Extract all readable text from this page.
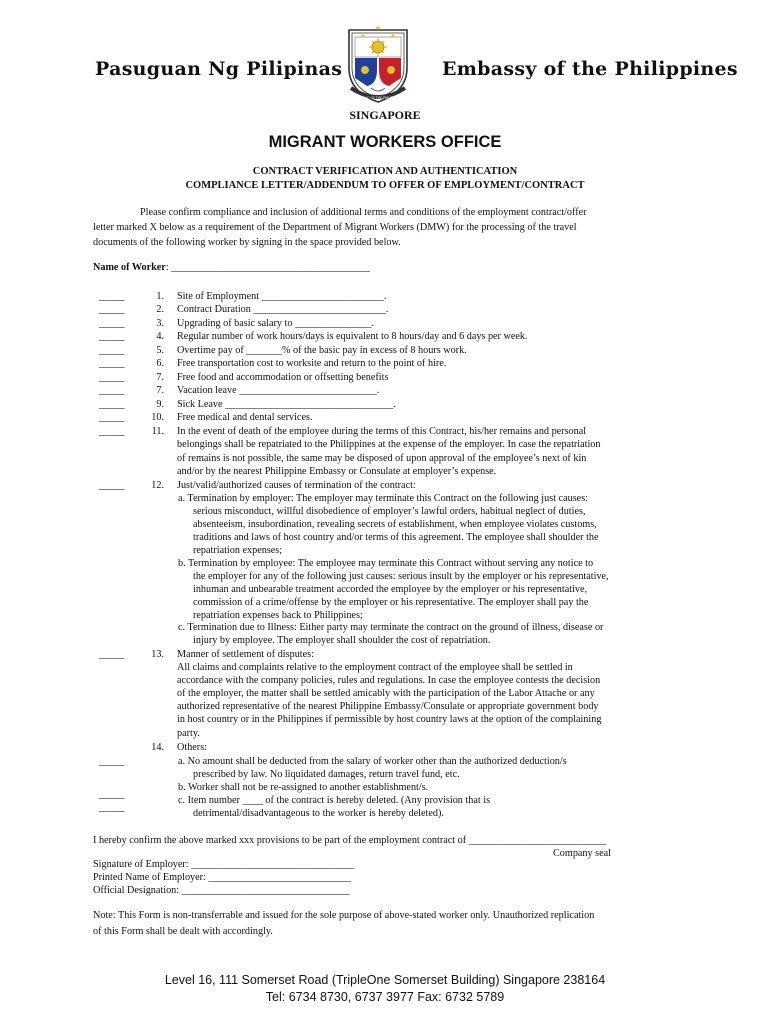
Pasuguan Ng Pilipinas	Embassy of the Philippines
REPUBLIC OF THE PHILIPPINES
SINGAPORE
MIGRANT WORKERS OFFICE
CONTRACT VERIFICATION AND AUTHENTICATION
COMPLIANCE LETTER/ADDENDUM TO OFFER OF EMPLOYMENT/CONTRACT
Please confirm compliance and inclusion of additional terms and conditions of the employment contract/offer
letter marked X below as a requirement of the Department of Migrant Workers (DMW) for the processing of the travel
documents of the following worker by signing in the space provided below.
Name of Worker: _______________________________________
_____	1. Site of Employment ________________________.
_____	2. Contract Duration __________________________.
_____	3. Upgrading of basic salary to _______________.
_____	4. Regular number of work hours/days is equivalent to 8 hours/day and 6 days per week.
_____	5. Overtime pay of _______% of the basic pay in excess of 8 hours work.
_____	6. Free transportation cost to worksite and return to the point of hire.
_____	7. Free food and accommodation or offsetting benefits
_____	7. Vacation leave ___________________________.
_____	9. Sick Leave _________________________________.
_____	10. Free medical and dental services.
_____	11. In the event of death of the employee during the terms of this Contract, his/her remains and personal
belongings shall be repatriated to the Philippines at the expense of the employer. In case the repatriation
of remains is not possible, the same may be disposed of upon approval of the employee’s next of kin
and/or by the nearest Philippine Embassy or Consulate at employer’s expense.
_____	12. Just/valid/authorized causes of termination of the contract:
a. Termination by employer: The employer may terminate this Contract on the following just causes:
serious misconduct, willful disobedience of employer’s lawful orders, habitual neglect of duties,
absenteeism, insubordination, revealing secrets of establishment, when employee violates customs,
traditions and laws of host country and/or terms of this agreement. The employee shall shoulder the
repatriation expenses;
b. Termination by employee: The employee may terminate this Contract without serving any notice to
the employer for any of the following just causes: serious insult by the employer or his representative,
inhuman and unbearable treatment accorded the employee by the employer or his representative,
commission of a crime/offense by the employer or his representative. The employer shall pay the
repatriation expenses back to Philippines;
c. Termination due to Illness: Either party may terminate the contract on the ground of illness, disease or
injury by employee. The employer shall shoulder the cost of repatriation.
_____	13. Manner of settlement of disputes:
All claims and complaints relative to the employment contract of the employee shall be settled in
accordance with the company policies, rules and regulations. In case the employee contests the decision
of the employer, the matter shall be settled amicably with the participation of the Labor Attache or any
authorized representative of the nearest Philippine Embassy/Consulate or appropriate government body
in host country or in the Philippines if permissible by host country laws at the option of the complaining
party.
14. Others:
_____	a. No amount shall be deducted from the salary of worker other than the authorized deduction/s
prescribed by law. No liquidated damages, return travel fund, etc.
b. Worker shall not be re-assigned to another establishment/s.
_____
c. Item number ____ of the contract is hereby deleted. (Any provision that is
_____
detrimental/disadvantageous to the worker is hereby deleted).
I hereby confirm the above marked xxx provisions to be part of the employment contract of ___________________________
Company seal
Signature of Employer: ________________________________
Printed Name of Employer: ____________________________
Official Designation: _________________________________
Note: This Form is non-transferrable and issued for the sole purpose of above-stated worker only. Unauthorized replication
of this Form shall be dealt with accordingly.
Level 16, 111 Somerset Road (TripleOne Somerset Building) Singapore 238164
Tel: 6734 8730, 6737 3977 Fax: 6732 5789
